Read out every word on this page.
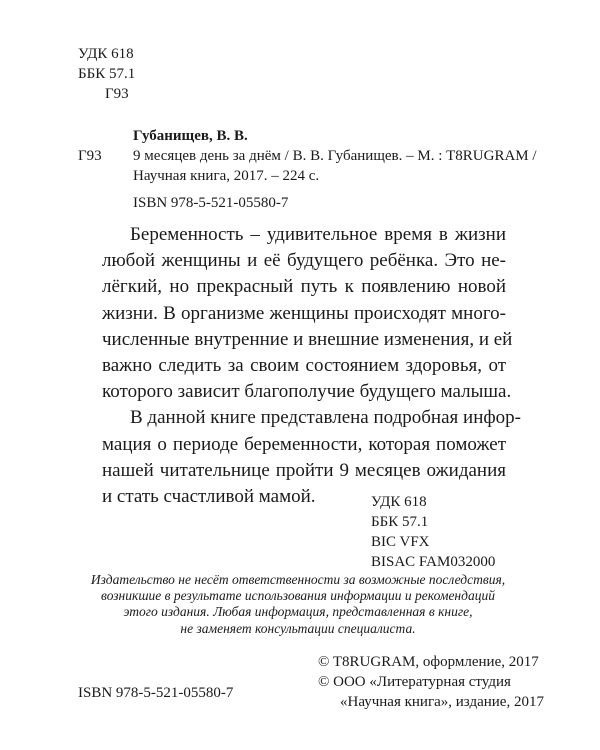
УДК 618
ББК 57.1
Г93
Губанищев, В. В.
Г93 9 месяцев день за днём / В. В. Губанищев. – М. : T8RUGRAM /
Научная книга, 2017. – 224 с.
ISBN 978-5-521-05580-7

Беременность – удивительное время в жизни
любой женщины и её будущего ребёнка. Это не-
лёгкий, но прекрасный путь к появлению новой
жизни. В организме женщины происходят много-
численные внутренние и внешние изменения, и ей
важно следить за своим состоянием здоровья, от
которого зависит благополучие будущего малыша.

В данной книге представлена подробная инфор-
мация о периоде беременности, которая поможет
нашей читательнице пройти 9 месяцев ожидания
и стать счастливой мамой.	УДК 618
ББК 57.1
BIC VFX
BISAC FAM032000
Издательство не несёт ответственности за возможные последствия,
возникшие в результате использования информации и рекомендаций
этого издания. Любая информация, представленная в книге,
не заменяет консультации специалиста.
© T8RUGRAM, оформление, 2017
© ООО «Литературная студия
«Научная книга», издание, 2017
ISBN 978-5-521-05580-7
